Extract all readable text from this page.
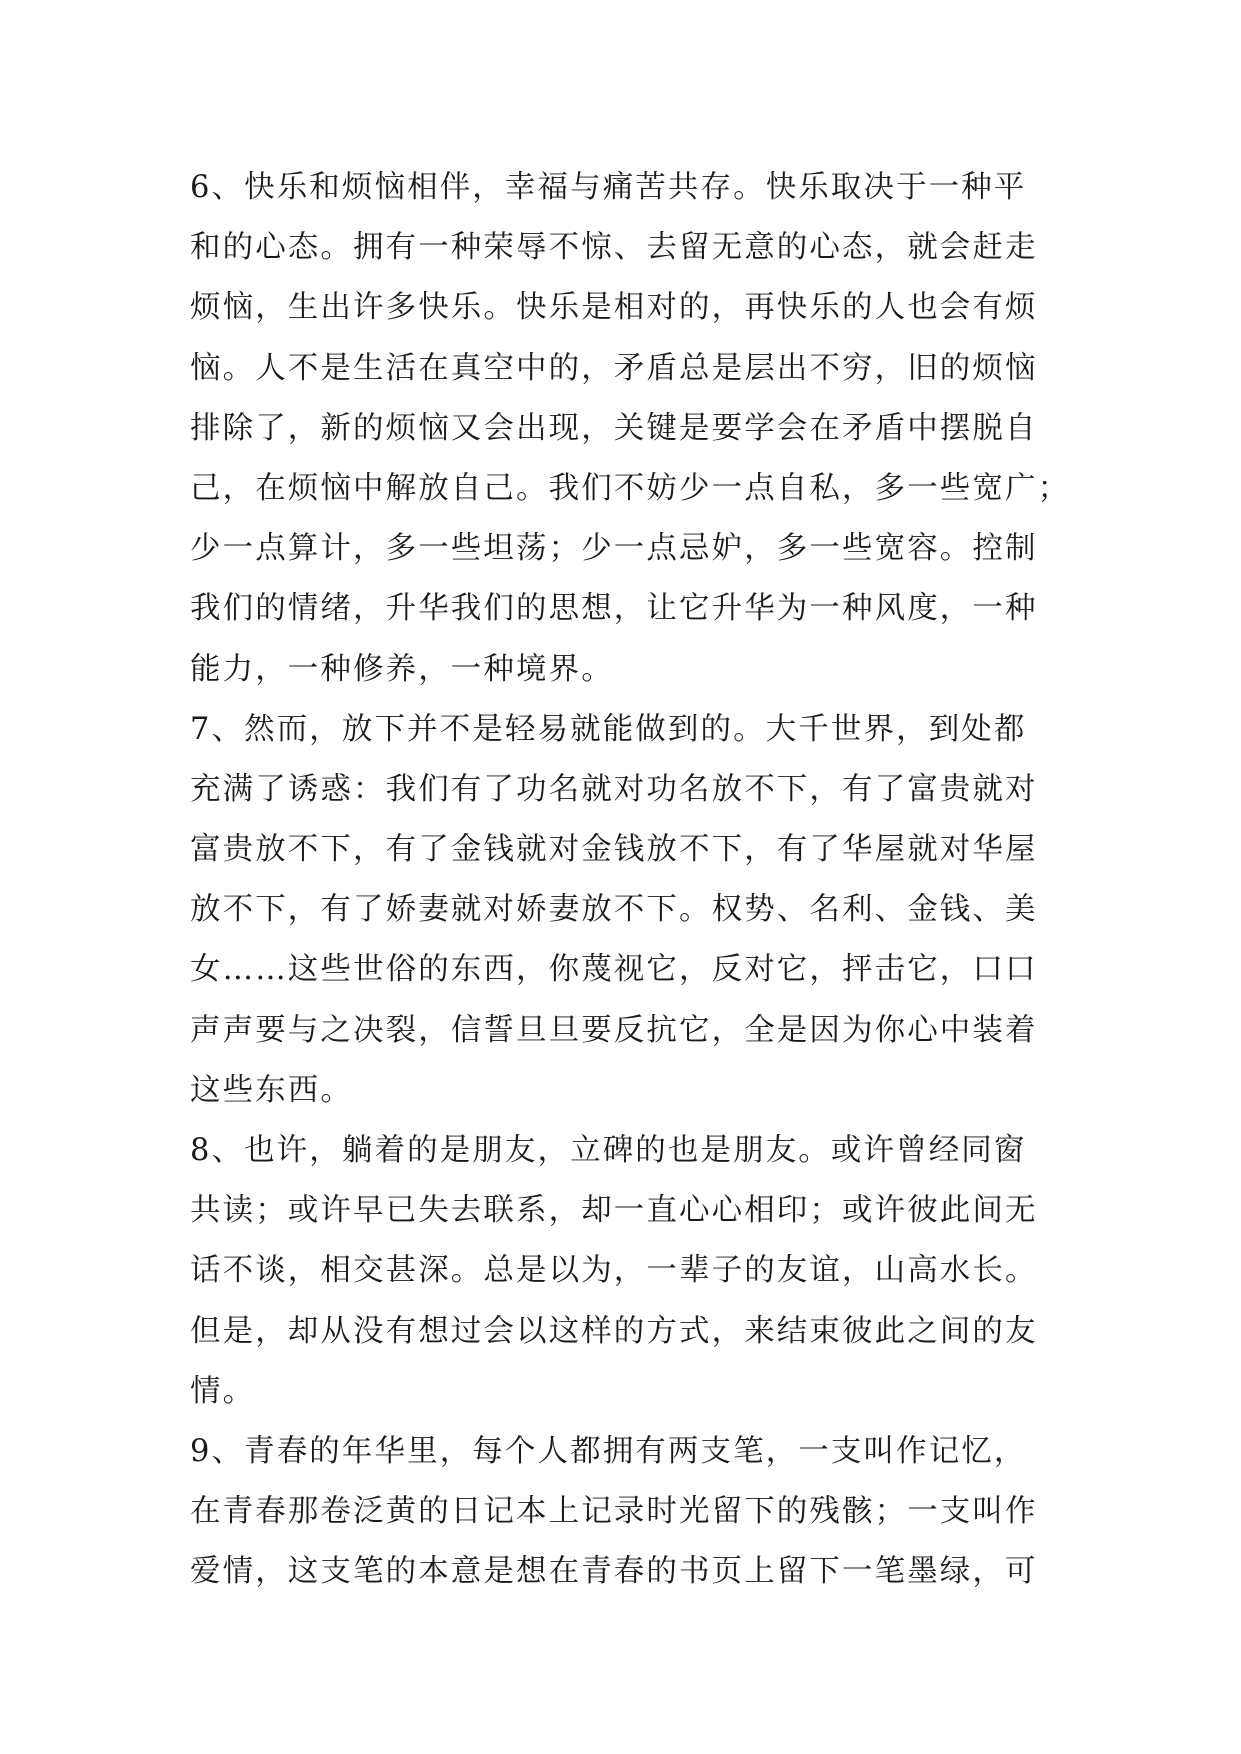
6、快乐和烦恼相伴，幸福与痛苦共存。快乐取决于一种平

和的心态。拥有一种荣辱不惊、去留无意的心态，就会赶走

烦恼，生出许多快乐。快乐是相对的，再快乐的人也会有烦

恼。人不是生活在真空中的，矛盾总是层出不穷，旧的烦恼

排除了，新的烦恼又会出现，关键是要学会在矛盾中摆脱自

己，在烦恼中解放自己。我们不妨少一点自私，多一些宽广；

少一点算计，多一些坦荡；少一点忌妒，多一些宽容。控制

我们的情绪，升华我们的思想，让它升华为一种风度，一种

能力，一种修养，一种境界。

7、然而，放下并不是轻易就能做到的。大千世界，到处都

充满了诱惑：我们有了功名就对功名放不下，有了富贵就对

富贵放不下，有了金钱就对金钱放不下，有了华屋就对华屋

放不下，有了娇妻就对娇妻放不下。权势、名利、金钱、美

女……这些世俗的东西，你蔑视它，反对它，抨击它，口口

声声要与之决裂，信誓旦旦要反抗它，全是因为你心中装着

这些东西。

8、也许，躺着的是朋友，立碑的也是朋友。或许曾经同窗

共读；或许早已失去联系，却一直心心相印；或许彼此间无

话不谈，相交甚深。总是以为，一辈子的友谊，山高水长。

但是，却从没有想过会以这样的方式，来结束彼此之间的友

情。

9、青春的年华里，每个人都拥有两支笔，一支叫作记忆，

在青春那卷泛黄的日记本上记录时光留下的残骸；一支叫作

爱情，这支笔的本意是想在青春的书页上留下一笔墨绿，可
